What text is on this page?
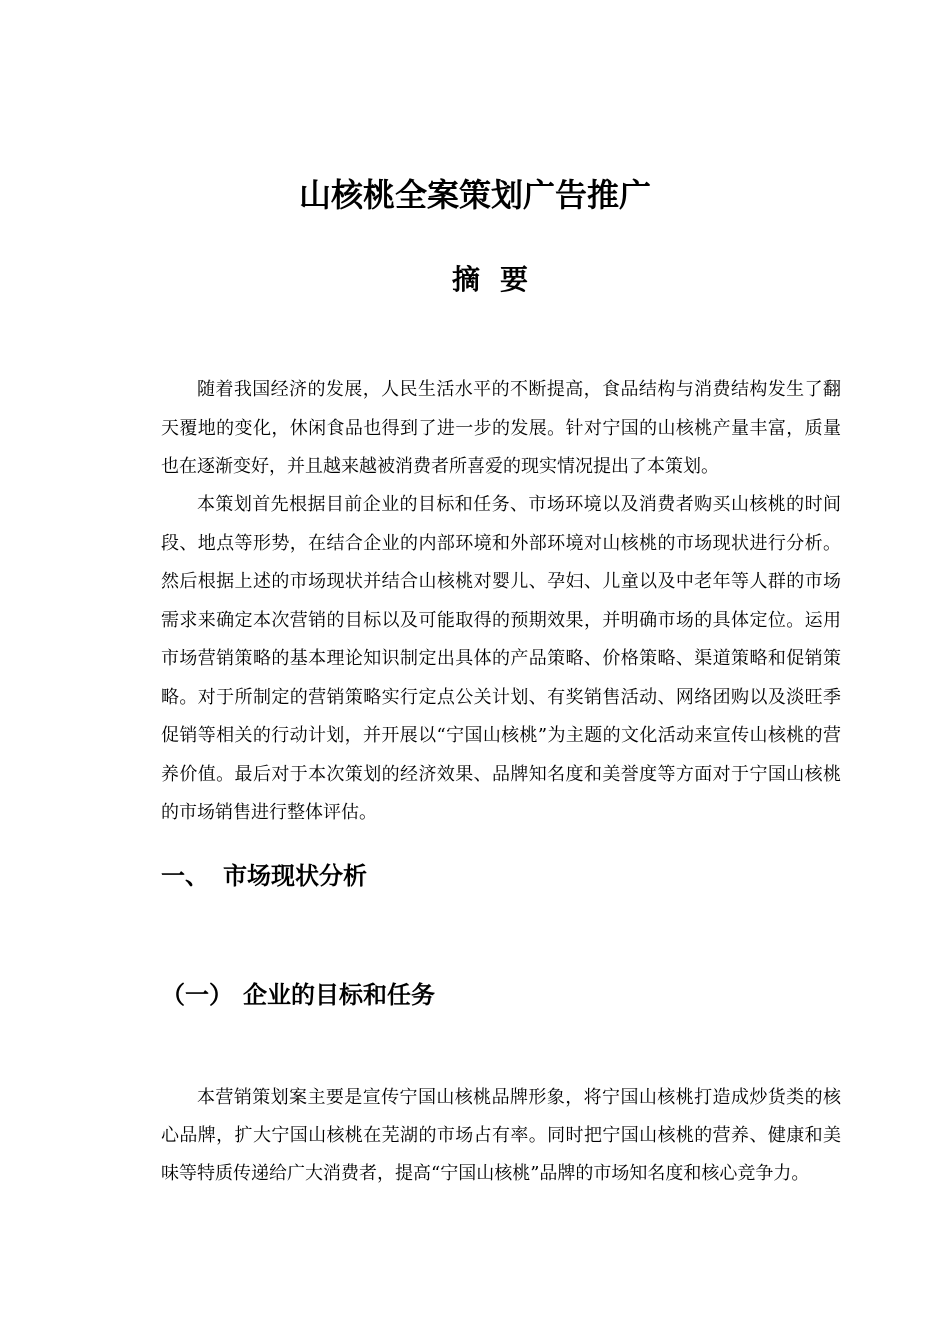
山核桃全案策划广告推广
摘要

随着我国经济的发展，人民生活水平的不断提高，食品结构与消费结构发生了翻天覆地的变化，休闲食品也得到了进一步的发展。针对宁国的山核桃产量丰富，质量也在逐渐变好，并且越来越被消费者所喜爱的现实情况提出了本策划。

本策划首先根据目前企业的目标和任务、市场环境以及消费者购买山核桃的时间段、地点等形势，在结合企业的内部环境和外部环境对山核桃的市场现状进行分析。然后根据上述的市场现状并结合山核桃对婴儿、孕妇、儿童以及中老年等人群的市场需求来确定本次营销的目标以及可能取得的预期效果，并明确市场的具体定位。运用市场营销策略的基本理论知识制定出具体的产品策略、价格策略、渠道策略和促销策略。对于所制定的营销策略实行定点公关计划、有奖销售活动、网络团购以及淡旺季促销等相关的行动计划，并开展以“宁国山核桃”为主题的文化活动来宣传山核桃的营养价值。最后对于本次策划的经济效果、品牌知名度和美誉度等方面对于宁国山核桃的市场销售进行整体评估。

一、 市场现状分析
（一） 企业的目标和任务

本营销策划案主要是宣传宁国山核桃品牌形象，将宁国山核桃打造成炒货类的核心品牌，扩大宁国山核桃在芜湖的市场占有率。同时把宁国山核桃的营养、健康和美味等特质传递给广大消费者，提高“宁国山核桃”品牌的市场知名度和核心竞争力。
